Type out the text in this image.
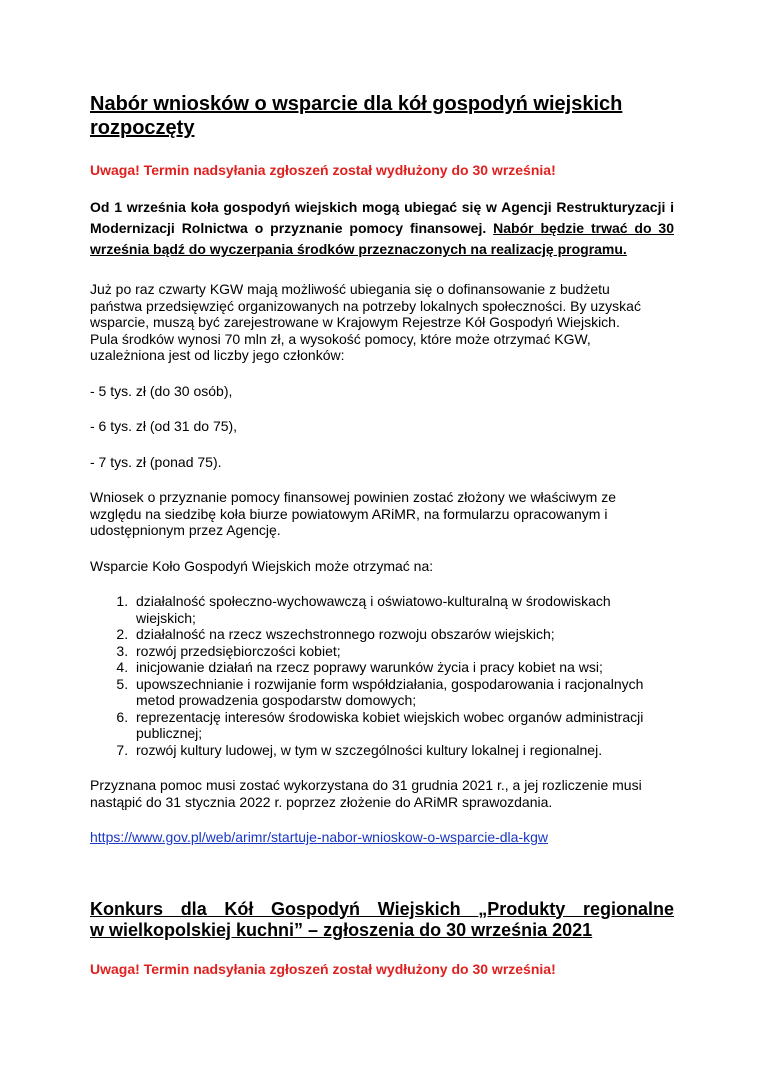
Nabór wniosków o wsparcie dla kół gospodyń wiejskich rozpoczęty

Uwaga! Termin nadsyłania zgłoszeń został wydłużony do 30 września!

Od 1 września koła gospodyń wiejskich mogą ubiegać się w Agencji Restrukturyzacji i Modernizacji Rolnictwa o przyznanie pomocy finansowej. Nabór będzie trwać do 30 września bądź do wyczerpania środków przeznaczonych na realizację programu.

Już po raz czwarty KGW mają możliwość ubiegania się o dofinansowanie z budżetu państwa przedsięwzięć organizowanych na potrzeby lokalnych społeczności. By uzyskać wsparcie, muszą być zarejestrowane w Krajowym Rejestrze Kół Gospodyń Wiejskich. Pula środków wynosi 70 mln zł, a wysokość pomocy, które może otrzymać KGW, uzależniona jest od liczby jego członków:

- 5 tys. zł (do 30 osób),

- 6 tys. zł (od 31 do 75),

- 7 tys. zł (ponad 75).

Wniosek o przyznanie pomocy finansowej powinien zostać złożony we właściwym ze względu na siedzibę koła biurze powiatowym ARiMR, na formularzu opracowanym i udostępnionym przez Agencję.

Wsparcie Koło Gospodyń Wiejskich może otrzymać na:

1. działalność społeczno-wychowawczą i oświatowo-kulturalną w środowiskach wiejskich;
2. działalność na rzecz wszechstronnego rozwoju obszarów wiejskich;
3. rozwój przedsiębiorczości kobiet;
4. inicjowanie działań na rzecz poprawy warunków życia i pracy kobiet na wsi;
5. upowszechnianie i rozwijanie form współdziałania, gospodarowania i racjonalnych metod prowadzenia gospodarstw domowych;
6. reprezentację interesów środowiska kobiet wiejskich wobec organów administracji publicznej;
7. rozwój kultury ludowej, w tym w szczególności kultury lokalnej i regionalnej.

Przyznana pomoc musi zostać wykorzystana do 31 grudnia 2021 r., a jej rozliczenie musi nastąpić do 31 stycznia 2022 r. poprzez złożenie do ARiMR sprawozdania.

https://www.gov.pl/web/arimr/startuje-nabor-wnioskow-o-wsparcie-dla-kgw

Konkurs dla Kół Gospodyń Wiejskich „Produkty regionalne
w wielkopolskiej kuchni” – zgłoszenia do 30 września 2021

Uwaga! Termin nadsyłania zgłoszeń został wydłużony do 30 września!
